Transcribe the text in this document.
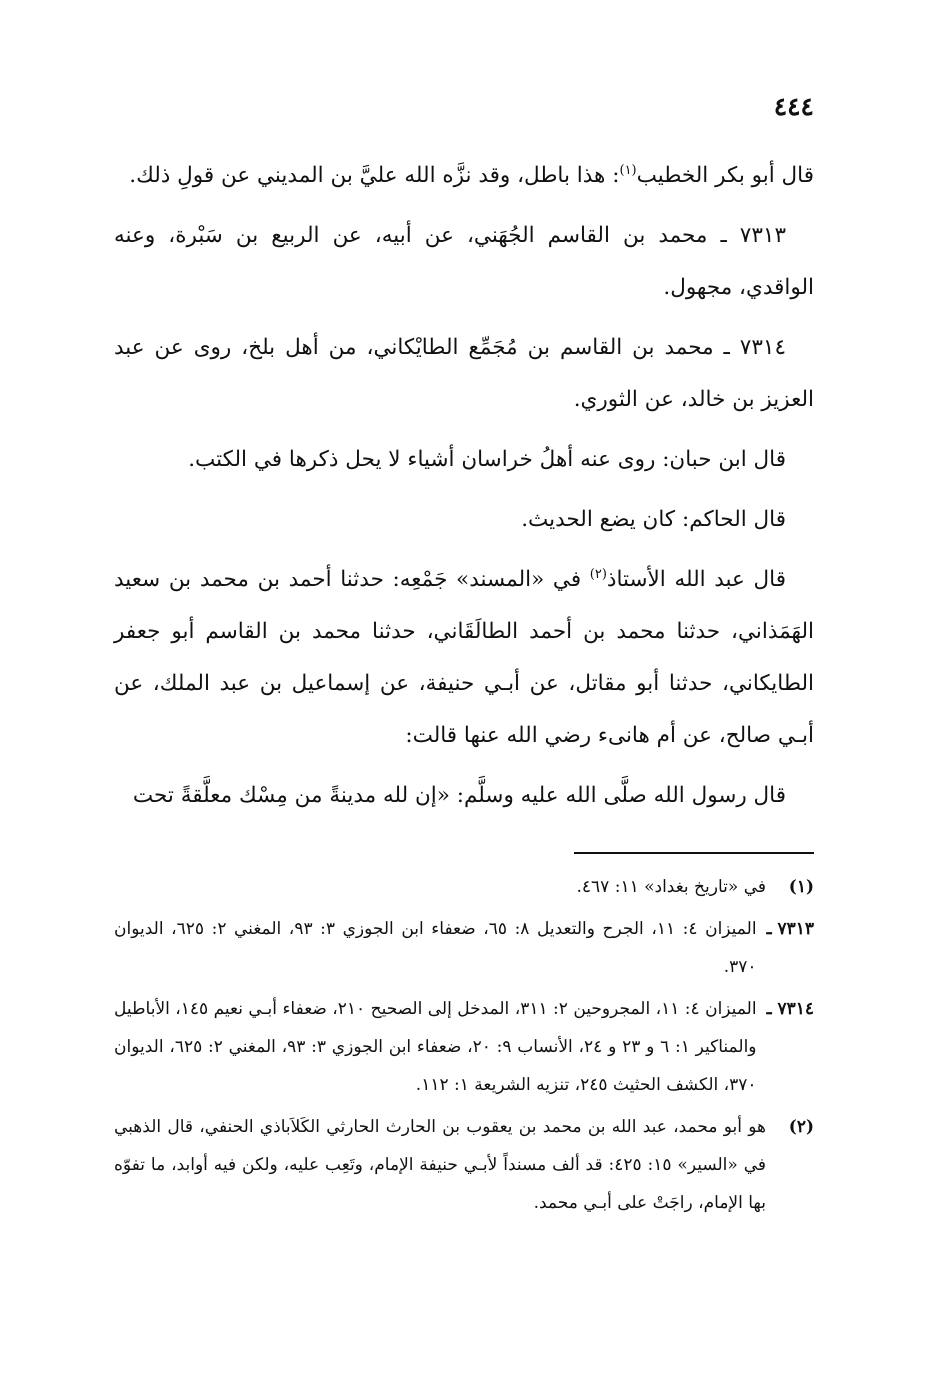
٤٤٤

قال أبو بكر الخطيب$^{(١)}$: هذا باطل، وقد نزَّه الله عليَّ بن المديني عن قولِ ذلك.

٧٣١٣ ـ محمد بن القاسم الجُهَني، عن أبيه، عن الربيع بن سَبْرة، وعنه الواقدي، مجهول.

٧٣١٤ ـ محمد بن القاسم بن مُجَمِّع الطايْكاني، من أهل بلخ، روى عن عبد العزيز بن خالد، عن الثوري.

قال ابن حبان: روى عنه أهلُ خراسان أشياء لا يحل ذكرها في الكتب.

قال الحاكم: كان يضع الحديث.

قال عبد الله الأستاذ$^{(٢)}$ في «المسند» جَمْعِه: حدثنا أحمد بن محمد بن سعيد الهَمَذاني، حدثنا محمد بن أحمد الطالَقَاني، حدثنا محمد بن القاسم أبو جعفر الطايكاني، حدثنا أبو مقاتل، عن أبـي حنيفة، عن إسماعيل بن عبد الملك، عن أبـي صالح، عن أم هانىء رضي الله عنها قالت:

قال رسول الله صلَّى الله عليه وسلَّم: «إن لله مدينةً من مِسْك معلَّقةً تحت

(١)
في «تاريخ بغداد» ١١: ٤٦٧.
٧٣١٣ ـ
الميزان ٤: ١١، الجرح والتعديل ٨: ٦٥، ضعفاء ابن الجوزي ٣: ٩٣، المغني ٢: ٦٢٥، الديوان ٣٧٠.
٧٣١٤ ـ
الميزان ٤: ١١، المجروحين ٢: ٣١١، المدخل إلى الصحيح ٢١٠، ضعفاء أبـي نعيم ١٤٥، الأباطيل والمناكير ١: ٦ و ٢٣ و ٢٤، الأنساب ٩: ٢٠، ضعفاء ابن الجوزي ٣: ٩٣، المغني ٢: ٦٢٥، الديوان ٣٧٠، الكشف الحثيث ٢٤٥، تنزيه الشريعة ١: ١١٢.
(٢)
هو أبو محمد، عبد الله بن محمد بن يعقوب بن الحارث الحارثي الكَلاَباذي الحنفي، قال الذهبي في «السير» ١٥: ٤٢٥: قد ألف مسنداً لأبـي حنيفة الإمام، وتَعِب عليه، ولكن فيه أوابد، ما تفوّه بها الإمام، راجَتْ على أبـي محمد.
